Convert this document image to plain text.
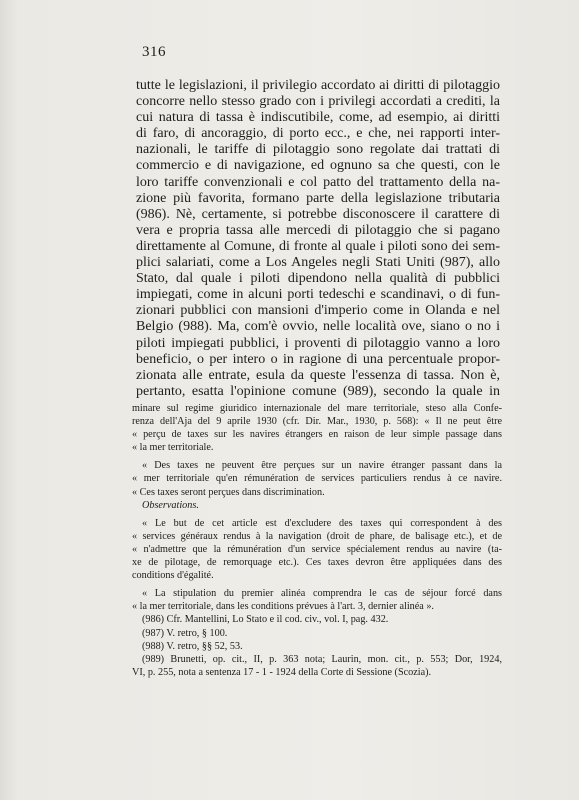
316
tutte le legislazioni, il privilegio accordato ai diritti di pilotaggio
concorre nello stesso grado con i privilegi accordati a crediti, la
cui natura di tassa è indiscutibile, come, ad esempio, ai diritti
di faro, di ancoraggio, di porto ecc., e che, nei rapporti inter-
nazionali, le tariffe di pilotaggio sono regolate dai trattati di
commercio e di navigazione, ed ognuno sa che questi, con le
loro tariffe convenzionali e col patto del trattamento della na-
zione più favorita, formano parte della legislazione tributaria
(986). Nè, certamente, si potrebbe disconoscere il carattere di
vera e propria tassa alle mercedi di pilotaggio che si pagano
direttamente al Comune, di fronte al quale i piloti sono dei sem-
plici salariati, come a Los Angeles negli Stati Uniti (987), allo
Stato, dal quale i piloti dipendono nella qualità di pubblici
impiegati, come in alcuni porti tedeschi e scandinavi, o di fun-
zionari pubblici con mansioni d'imperio come in Olanda e nel
Belgio (988). Ma, com'è ovvio, nelle località ove, siano o no i
piloti impiegati pubblici, i proventi di pilotaggio vanno a loro
beneficio, o per intero o in ragione di una percentuale propor-
zionata alle entrate, esula da queste l'essenza di tassa. Non è,
pertanto, esatta l'opinione comune (989), secondo la quale in
minare sul regime giuridico internazionale del mare territoriale, steso alla Confe-
renza dell'Aja del 9 aprile 1930 (cfr. Dir. Mar., 1930, p. 568): « Il ne peut être
« perçu de taxes sur les navires étrangers en raison de leur simple passage dans
« la mer territoriale.
« Des taxes ne peuvent être perçues sur un navire étranger passant dans la
« mer territoriale qu'en rémunération de services particuliers rendus à ce navire.
« Ces taxes seront perçues dans discrimination.
Observations.
« Le but de cet article est d'excludere des taxes qui correspondent à des
« services généraux rendus à la navigation (droit de phare, de balisage etc.), et de
« n'admettre que la rémunération d'un service spécialement rendus au navire (ta-
xe de pilotage, de remorquage etc.). Ces taxes devron être appliquées dans des
conditions d'égalité.
« La stipulation du premier alinéa comprendra le cas de séjour forcé dans
« la mer territoriale, dans les conditions prévues à l'art. 3, dernier alinéa ».
(986) Cfr. Mantellini, Lo Stato e il cod. civ., vol. I, pag. 432.
(987) V. retro, § 100.
(988) V. retro, §§ 52, 53.
(989) Brunetti, op. cit., II, p. 363 nota; Laurin, mon. cit., p. 553; Dor, 1924,
VI, p. 255, nota a sentenza 17 - 1 - 1924 della Corte di Sessione (Scozia).
